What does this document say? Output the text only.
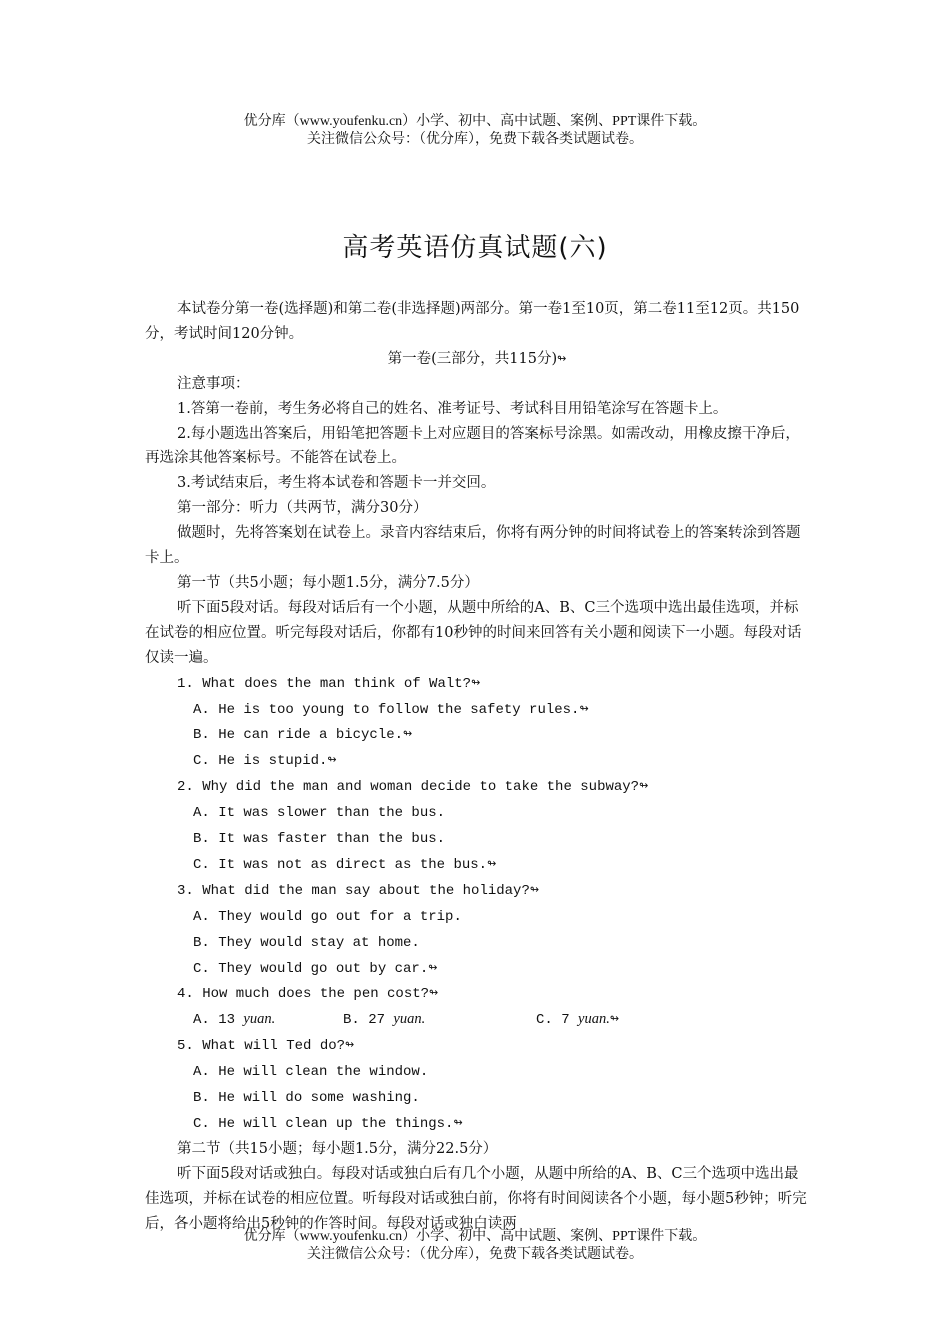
优分库（www.youfenku.cn）小学、初中、高中试题、案例、PPT课件下载。
关注微信公众号：（优分库），免费下载各类试题试卷。
高考英语仿真试题(六)

本试卷分第一卷(选择题)和第二卷(非选择题)两部分。第一卷1至10页，第二卷11至12页。共150分，考试时间120分钟。

第一卷(三部分，共115分)↬

注意事项：

1.答第一卷前，考生务必将自己的姓名、准考证号、考试科目用铅笔涂写在答题卡上。

2.每小题选出答案后，用铅笔把答题卡上对应题目的答案标号涂黑。如需改动，用橡皮擦干净后，再选涂其他答案标号。不能答在试卷上。

3.考试结束后，考生将本试卷和答题卡一并交回。

第一部分：听力（共两节，满分30分）

做题时，先将答案划在试卷上。录音内容结束后，你将有两分钟的时间将试卷上的答案转涂到答题卡上。

第一节（共5小题；每小题1.5分，满分7.5分）

听下面5段对话。每段对话后有一个小题，从题中所给的A、B、C三个选项中选出最佳选项，并标在试卷的相应位置。听完每段对话后，你都有10秒钟的时间来回答有关小题和阅读下一小题。每段对话仅读一遍。

1. What does the man think of Walt?↬

A. He is too young to follow the safety rules.↬

B. He can ride a bicycle.↬

C. He is stupid.↬

2. Why did the man and woman decide to take the subway?↬

A. It was slower than the bus.

B. It was faster than the bus.

C. It was not as direct as the bus.↬

3. What did the man say about the holiday?↬

A. They would go out for a trip.

B. They would stay at home.

C. They would go out by car.↬

4. How much does the pen cost?↬

A. 13 yuan.	B. 27 yuan.	C. 7 yuan.↬

5. What will Ted do?↬

A. He will clean the window.

B. He will do some washing.

C. He will clean up the things.↬

第二节（共15小题；每小题1.5分，满分22.5分）

听下面5段对话或独白。每段对话或独白后有几个小题，从题中所给的A、B、C三个选项中选出最佳选项，并标在试卷的相应位置。听每段对话或独白前，你将有时间阅读各个小题，每小题5秒钟；听完后，各小题将给出5秒钟的作答时间。每段对话或独白读两

优分库（www.youfenku.cn）小学、初中、高中试题、案例、PPT课件下载。
关注微信公众号：（优分库），免费下载各类试题试卷。
